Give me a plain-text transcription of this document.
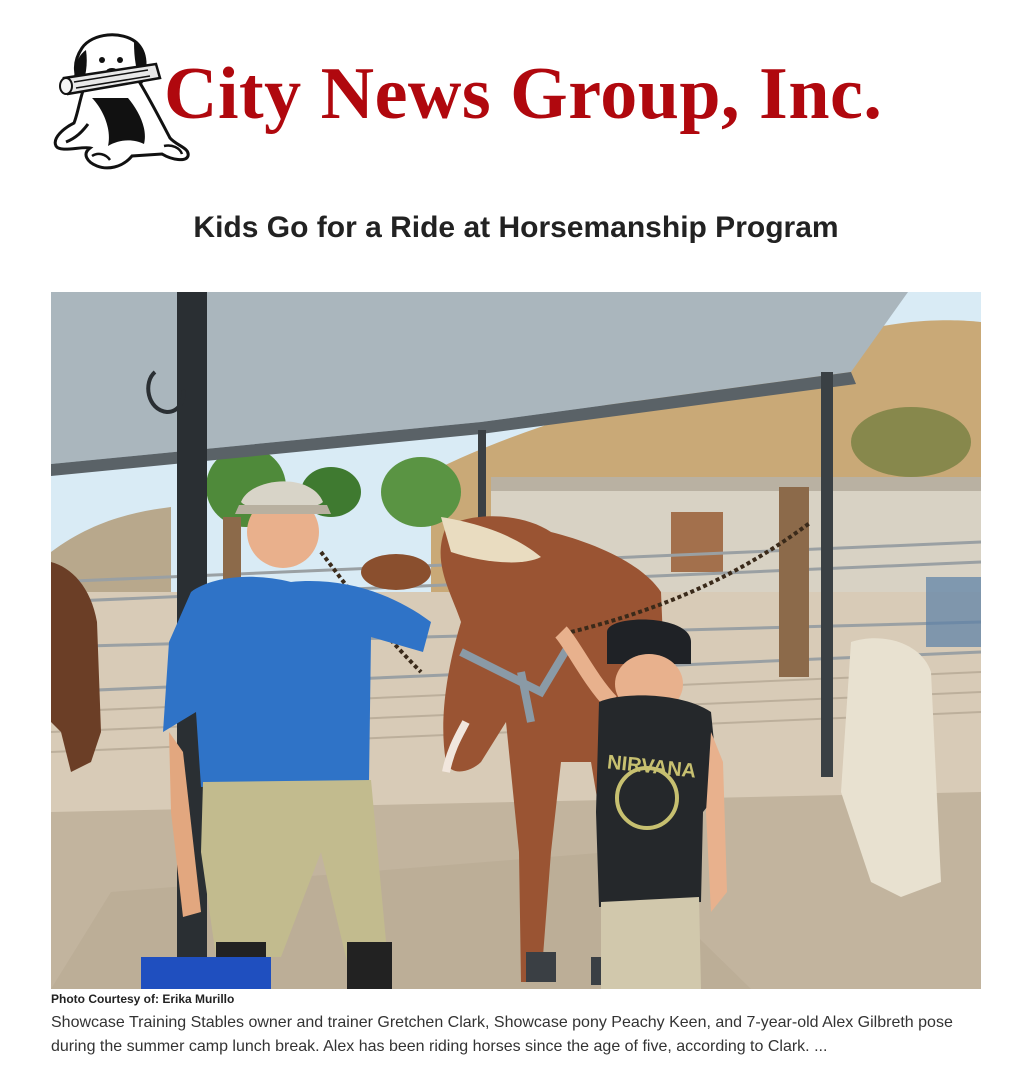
City News Group, Inc.
Kids Go for a Ride at Horsemanship Program
NIRVANA
Photo Courtesy of: Erika Murillo

Showcase Training Stables owner and trainer Gretchen Clark, Showcase pony Peachy Keen, and 7-year-old Alex Gilbreth pose during the summer camp lunch break. Alex has been riding horses since the age of five, according to Clark. ...
